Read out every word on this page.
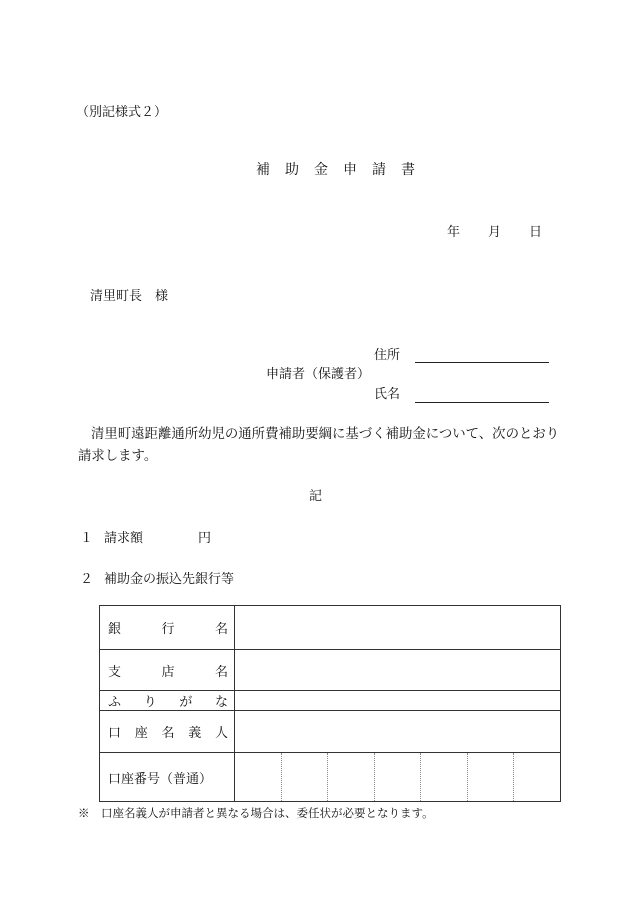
（別記様式２）
補助金申請書
年 月 日
清里町長　様
住所
申請者（保護者）
氏名
清里町遠距離通所幼児の通所費補助要綱に基づく補助金について、次のとおり請求します。
記
１ 請求額	円
２ 補助金の振込先銀行等
銀 行 名	

支 店 名	

ふ り が な	

口 座 名 義 人	

口座番号（普通）	
※　口座名義人が申請者と異なる場合は、委任状が必要となります。
